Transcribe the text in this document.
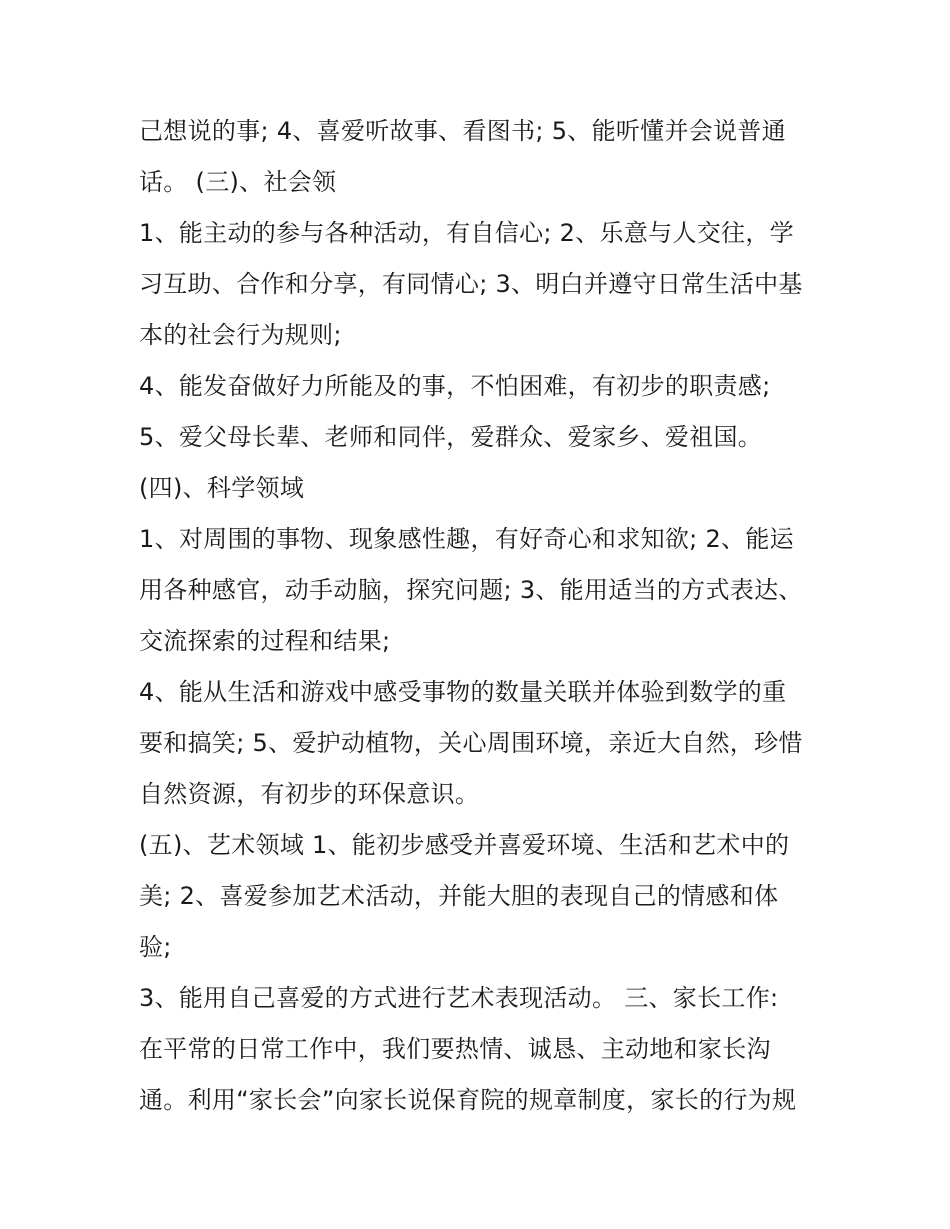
己想说的事; 4、喜爱听故事、看图书; 5、能听懂并会说普通
话。 (三)、社会领
1、能主动的参与各种活动，有自信心; 2、乐意与人交往，学
习互助、合作和分享，有同情心; 3、明白并遵守日常生活中基
本的社会行为规则;
4、能发奋做好力所能及的事，不怕困难，有初步的职责感;
5、爱父母长辈、老师和同伴，爱群众、爱家乡、爱祖国。
(四)、科学领域
1、对周围的事物、现象感性趣，有好奇心和求知欲; 2、能运
用各种感官，动手动脑，探究问题; 3、能用适当的方式表达、
交流探索的过程和结果;
4、能从生活和游戏中感受事物的数量关联并体验到数学的重
要和搞笑; 5、爱护动植物，关心周围环境，亲近大自然，珍惜
自然资源，有初步的环保意识。
(五)、艺术领域 1、能初步感受并喜爱环境、生活和艺术中的
美; 2、喜爱参加艺术活动，并能大胆的表现自己的情感和体
验;
3、能用自己喜爱的方式进行艺术表现活动。 三、家长工作:
在平常的日常工作中，我们要热情、诚恳、主动地和家长沟
通。利用“家长会”向家长说保育院的规章制度，家长的行为规
